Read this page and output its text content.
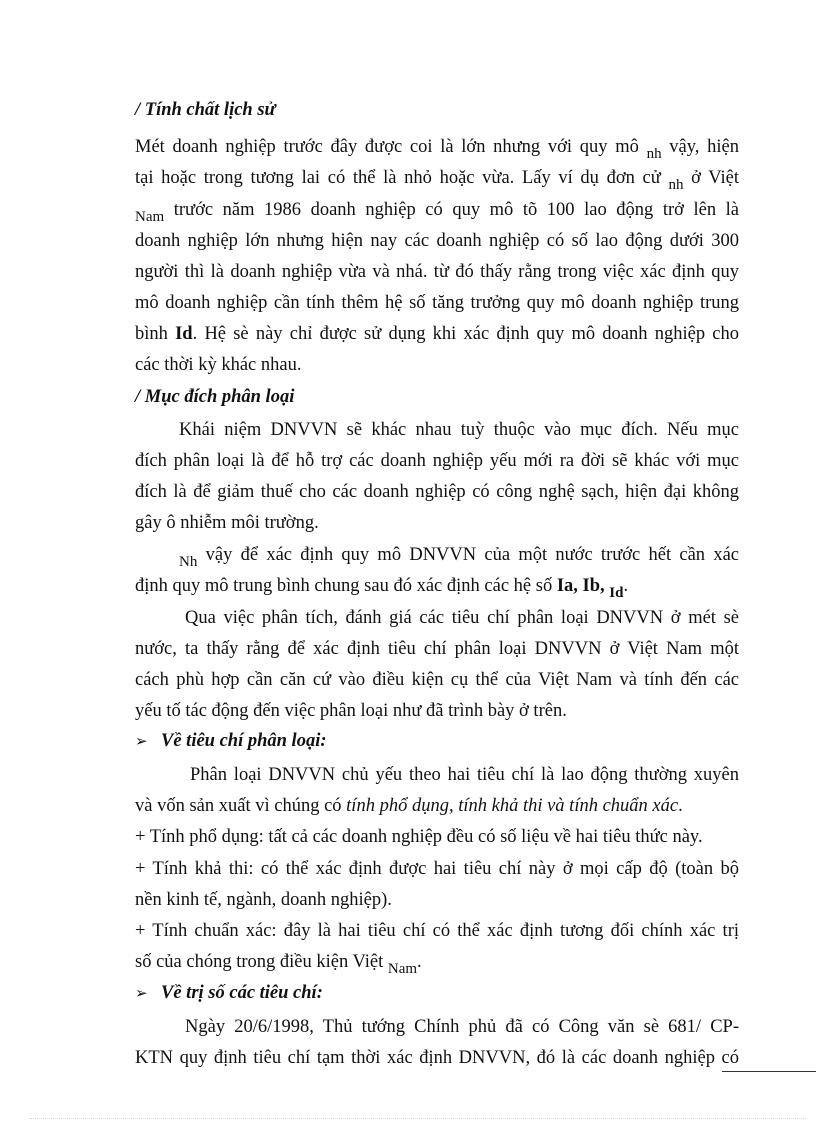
/ Tính chất lịch sử
Mét doanh nghiệp trước đây được coi là lớn nhưng với quy mô $_{nh}$ vậy, hiện
tại hoặc trong tương lai có thể là nhỏ hoặc vừa. Lấy ví dụ đơn cử $_{nh}$ ở Việt
$_{Nam}$ trước năm 1986 doanh nghiệp có quy mô tõ 100 lao động trở lên là
doanh nghiệp lớn nhưng hiện nay các doanh nghiệp có số lao động dưới 300
người thì là doanh nghiệp vừa và nhá. từ đó thấy rằng trong việc xác định quy
mô doanh nghiệp cần tính thêm hệ số tăng trưởng quy mô doanh nghiệp trung
bình Id. Hệ sè này chỉ được sử dụng khi xác định quy mô doanh nghiệp cho
các thời kỳ khác nhau.
/ Mục đích phân loại
Khái niệm DNVVN sẽ khác nhau tuỳ thuộc vào mục đích. Nếu mục
đích phân loại là để hỗ trợ các doanh nghiệp yếu mới ra đời sẽ khác với mục
đích là để giảm thuế cho các doanh nghiệp có công nghệ sạch, hiện đại không
gây ô nhiễm môi trường.
$_{Nh}$ vậy để xác định quy mô DNVVN của một nước trước hết cần xác
định quy mô trung bình chung sau đó xác định các hệ số Ia, Ib, $_{Id}$.
Qua việc phân tích, đánh giá các tiêu chí phân loại DNVVN ở mét sè
nước, ta thấy rằng để xác định tiêu chí phân loại DNVVN ở Việt Nam một
cách phù hợp cần căn cứ vào điều kiện cụ thể của Việt Nam và tính đến các
yếu tố tác động đến việc phân loại như đã trình bày ở trên.
➢ Về tiêu chí phân loại:
Phân loại DNVVN chủ yếu theo hai tiêu chí là lao động thường xuyên
và vốn sản xuất vì chúng có tính phổ dụng, tính khả thi và tính chuẩn xác.
+ Tính phổ dụng: tất cả các doanh nghiệp đều có số liệu về hai tiêu thức này.
+ Tính khả thi: có thể xác định được hai tiêu chí này ở mọi cấp độ (toàn bộ
nền kinh tế, ngành, doanh nghiệp).
+ Tính chuẩn xác: đây là hai tiêu chí có thể xác định tương đối chính xác trị
số của chóng trong điều kiện Việt $_{Nam}$.
➢ Về trị số các tiêu chí:
Ngày 20/6/1998, Thủ tướng Chính phủ đã có Công văn sè 681/ CP-
KTN quy định tiêu chí tạm thời xác định DNVVN, đó là các doanh nghiệp có
